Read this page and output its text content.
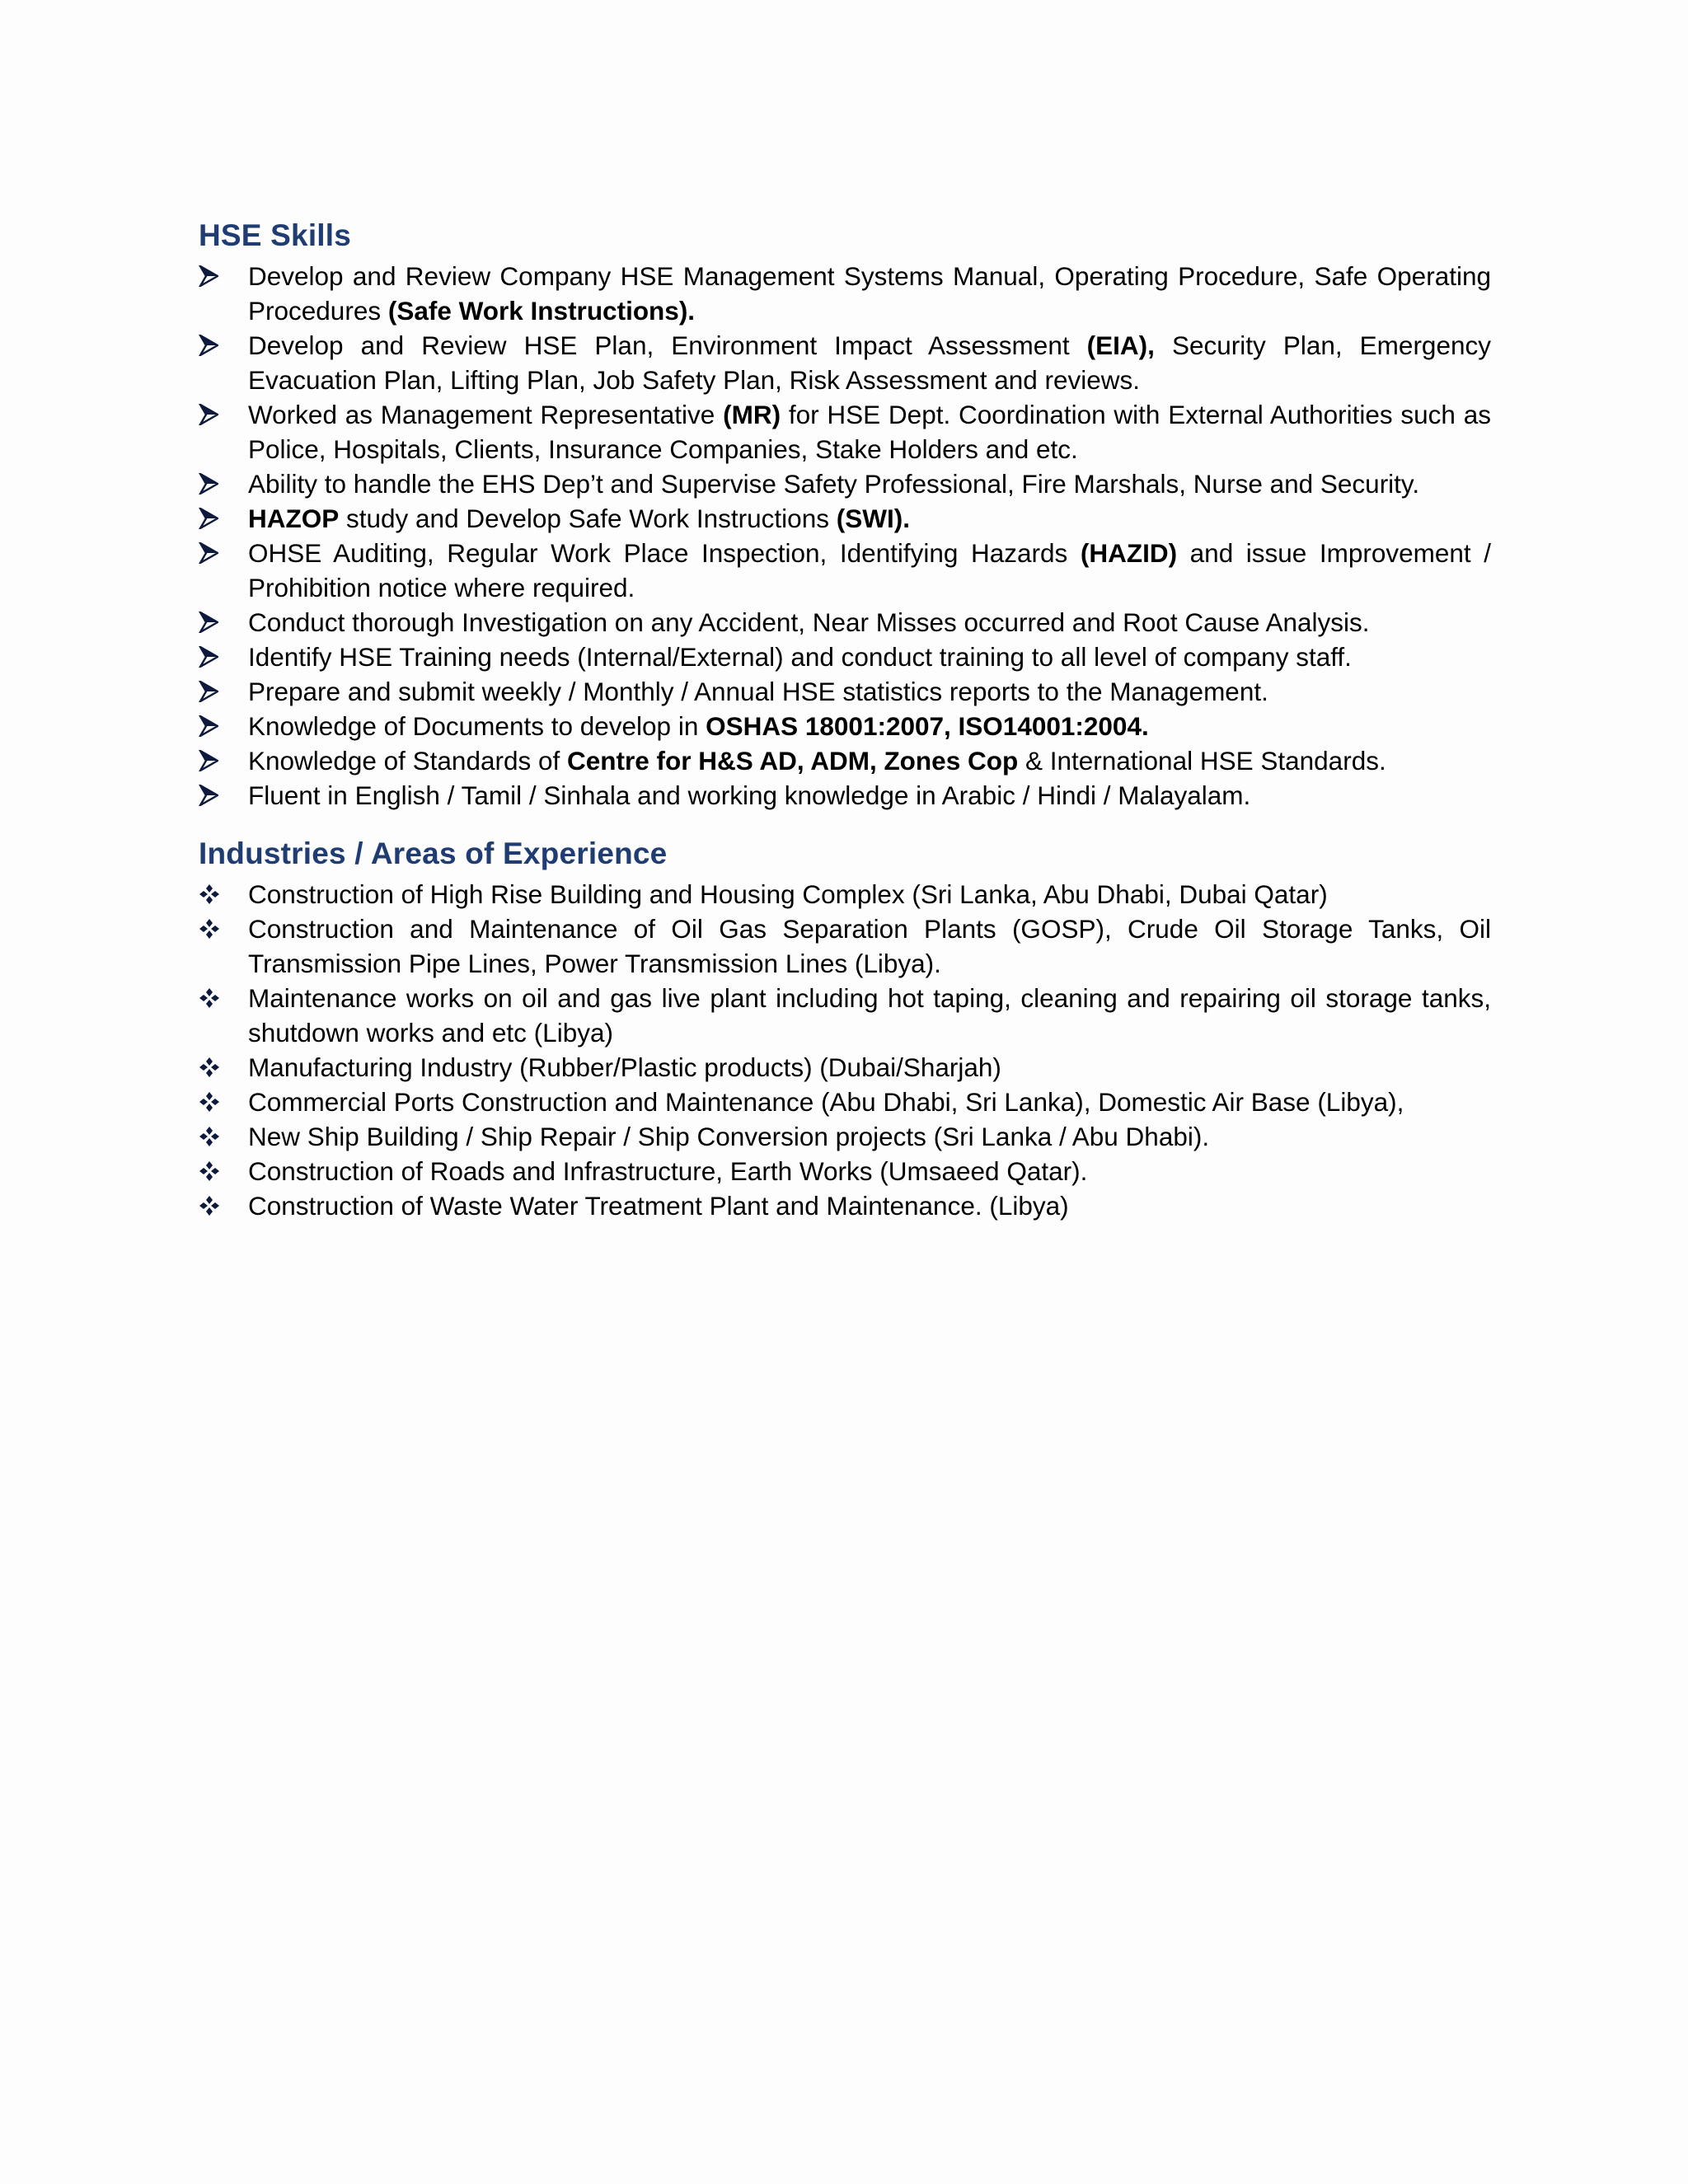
HSE Skills
Develop and Review Company HSE Management Systems Manual, Operating Procedure, Safe Operating Procedures (Safe Work Instructions).
Develop and Review HSE Plan, Environment Impact Assessment (EIA), Security Plan, Emergency Evacuation Plan, Lifting Plan, Job Safety Plan, Risk Assessment and reviews.
Worked as Management Representative (MR) for HSE Dept. Coordination with External Authorities such as Police, Hospitals, Clients, Insurance Companies, Stake Holders and etc.
Ability to handle the EHS Dep’t and Supervise Safety Professional, Fire Marshals, Nurse and Security.
HAZOP study and Develop Safe Work Instructions (SWI).
OHSE Auditing, Regular Work Place Inspection, Identifying Hazards (HAZID) and issue Improvement / Prohibition notice where required.
Conduct thorough Investigation on any Accident, Near Misses occurred and Root Cause Analysis.
Identify HSE Training needs (Internal/External) and conduct training to all level of company staff.
Prepare and submit weekly / Monthly / Annual HSE statistics reports to the Management.
Knowledge of Documents to develop in OSHAS 18001:2007, ISO14001:2004.
Knowledge of Standards of Centre for H&S AD, ADM, Zones Cop & International HSE Standards.
Fluent in English / Tamil / Sinhala and working knowledge in Arabic / Hindi / Malayalam.
Industries / Areas of Experience
Construction of High Rise Building and Housing Complex (Sri Lanka, Abu Dhabi, Dubai Qatar)
Construction and Maintenance of Oil Gas Separation Plants (GOSP), Crude Oil Storage Tanks, Oil Transmission Pipe Lines, Power Transmission Lines (Libya).
Maintenance works on oil and gas live plant including hot taping, cleaning and repairing oil storage tanks, shutdown works and etc (Libya)
Manufacturing Industry (Rubber/Plastic products) (Dubai/Sharjah)
Commercial Ports Construction and Maintenance (Abu Dhabi, Sri Lanka), Domestic Air Base (Libya),
New Ship Building / Ship Repair / Ship Conversion projects (Sri Lanka / Abu Dhabi).
Construction of Roads and Infrastructure, Earth Works (Umsaeed Qatar).
Construction of Waste Water Treatment Plant and Maintenance. (Libya)
